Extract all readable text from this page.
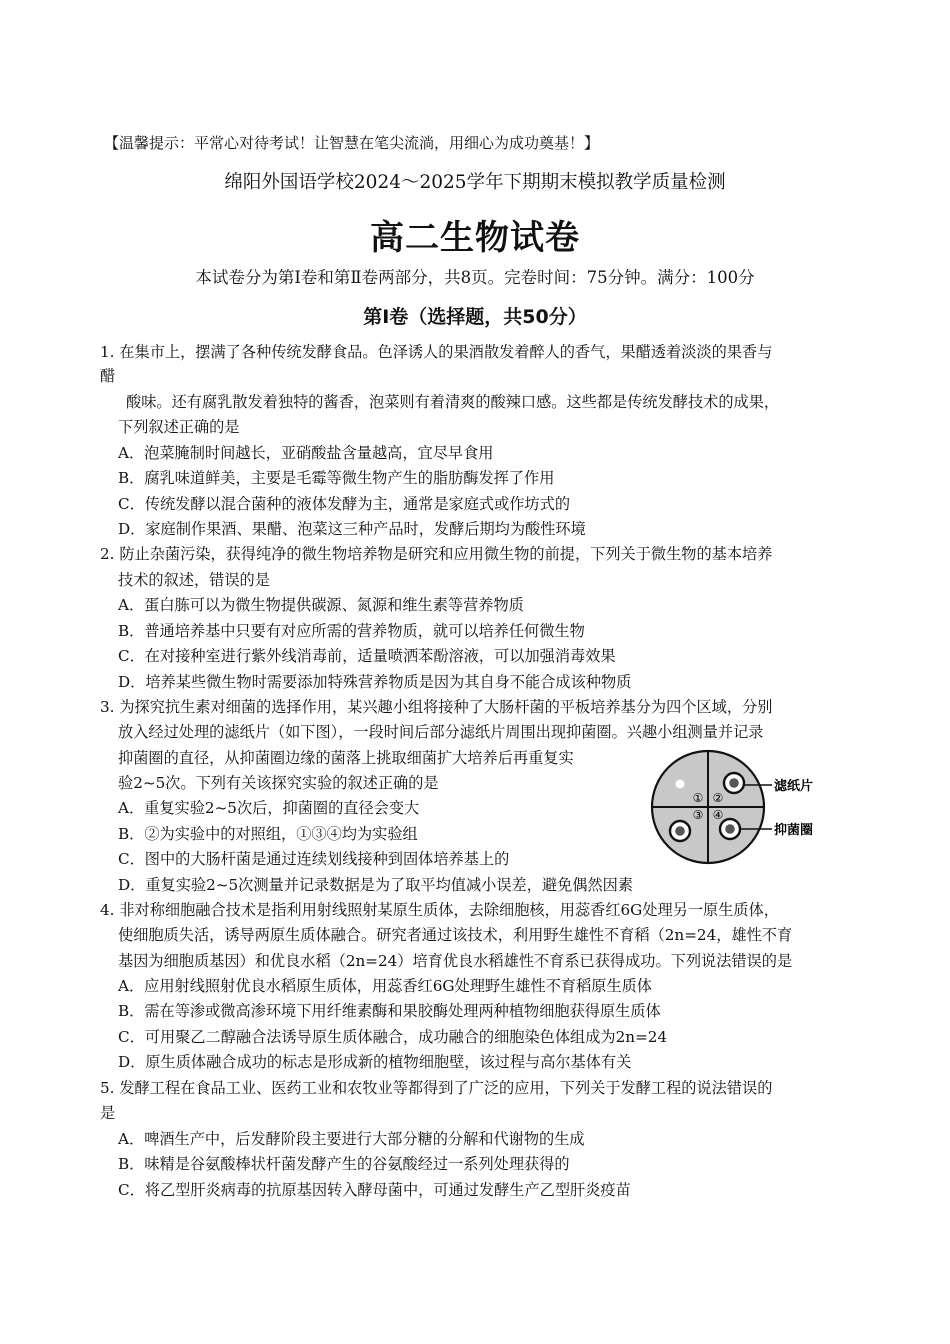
【温馨提示：平常心对待考试！让智慧在笔尖流淌，用细心为成功奠基！】
绵阳外国语学校2024～2025学年下期期末模拟教学质量检测
高二生物试卷
本试卷分为第Ⅰ卷和第Ⅱ卷两部分，共8页。完卷时间：75分钟。满分：100分
第Ⅰ卷（选择题，共50分）
1. 在集市上，摆满了各种传统发酵食品。色泽诱人的果酒散发着醉人的香气，果醋透着淡淡的果香与
醋
酸味。还有腐乳散发着独特的酱香，泡菜则有着清爽的酸辣口感。这些都是传统发酵技术的成果，
下列叙述正确的是
A．泡菜腌制时间越长，亚硝酸盐含量越高，宜尽早食用
B．腐乳味道鲜美，主要是毛霉等微生物产生的脂肪酶发挥了作用
C．传统发酵以混合菌种的液体发酵为主，通常是家庭式或作坊式的
D．家庭制作果酒、果醋、泡菜这三种产品时，发酵后期均为酸性环境
2. 防止杂菌污染，获得纯净的微生物培养物是研究和应用微生物的前提，下列关于微生物的基本培养
技术的叙述，错误的是
A．蛋白胨可以为微生物提供碳源、氮源和维生素等营养物质
B．普通培养基中只要有对应所需的营养物质，就可以培养任何微生物
C．在对接种室进行紫外线消毒前，适量喷洒苯酚溶液，可以加强消毒效果
D．培养某些微生物时需要添加特殊营养物质是因为其自身不能合成该种物质
3. 为探究抗生素对细菌的选择作用，某兴趣小组将接种了大肠杆菌的平板培养基分为四个区域，分别
放入经过处理的滤纸片（如下图），一段时间后部分滤纸片周围出现抑菌圈。兴趣小组测量并记录
抑菌圈的直径，从抑菌圈边缘的菌落上挑取细菌扩大培养后再重复实
验2~5次。下列有关该探究实验的叙述正确的是
A．重复实验2~5次后，抑菌圈的直径会变大
B．②为实验中的对照组，①③④均为实验组
C．图中的大肠杆菌是通过连续划线接种到固体培养基上的
D．重复实验2~5次测量并记录数据是为了取平均值减小误差，避免偶然因素
① ②
③ ④
滤纸片
抑菌圈
4. 非对称细胞融合技术是指利用射线照射某原生质体，去除细胞核，用蕊香红6G处理另一原生质体，
使细胞质失活，诱导两原生质体融合。研究者通过该技术，利用野生雄性不育稻（2n=24，雄性不育
基因为细胞质基因）和优良水稻（2n=24）培育优良水稻雄性不育系已获得成功。下列说法错误的是
A．应用射线照射优良水稻原生质体，用蕊香红6G处理野生雄性不育稻原生质体
B．需在等渗或微高渗环境下用纤维素酶和果胶酶处理两种植物细胞获得原生质体
C．可用聚乙二醇融合法诱导原生质体融合，成功融合的细胞染色体组成为2n=24
D．原生质体融合成功的标志是形成新的植物细胞壁，该过程与高尔基体有关
5. 发酵工程在食品工业、医药工业和农牧业等都得到了广泛的应用，下列关于发酵工程的说法错误的
是
A．啤酒生产中，后发酵阶段主要进行大部分糖的分解和代谢物的生成
B．味精是谷氨酸棒状杆菌发酵产生的谷氨酸经过一系列处理获得的
C．将乙型肝炎病毒的抗原基因转入酵母菌中，可通过发酵生产乙型肝炎疫苗
